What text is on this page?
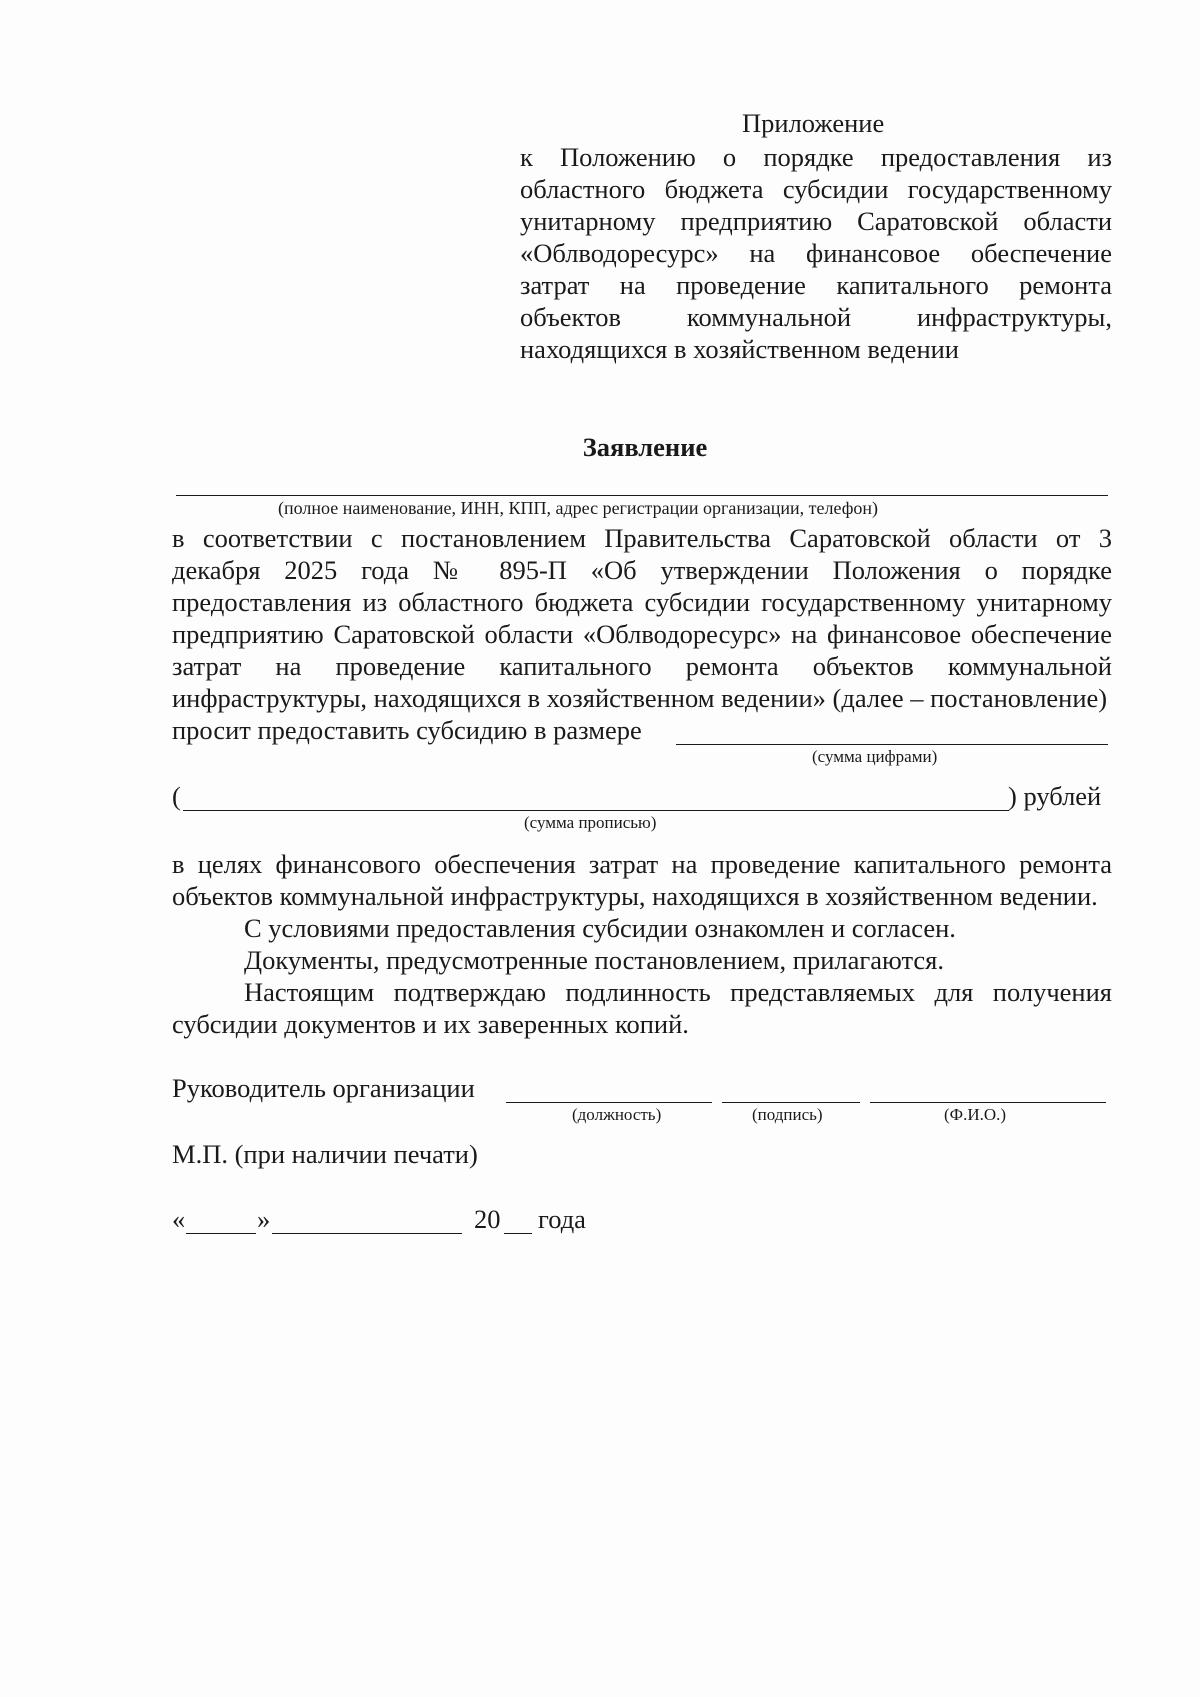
Приложение
к Положению о порядке предоставления из областного бюджета субсидии государственному унитарному предприятию Саратовской области «Облводоресурс» на финансовое обеспечение затрат на проведение капитального ремонта объектов коммунальной инфраструктуры, находящихся в хозяйственном ведении
Заявление
(полное наименование, ИНН, КПП, адрес регистрации организации, телефон)
в соответствии с постановлением Правительства Саратовской области от 3 декабря 2025 года № 895-П «Об утверждении Положения о порядке предоставления из областного бюджета субсидии государственному унитарному предприятию Саратовской области «Облводоресурс» на финансовое обеспечение затрат на проведение капитального ремонта объектов коммунальной инфраструктуры, находящихся в хозяйственном ведении» (далее – постановление)
просит предоставить субсидию в размере
(сумма цифрами)
(	) рублей
(сумма прописью)
в целях финансового обеспечения затрат на проведение капитального ремонта объектов коммунальной инфраструктуры, находящихся в хозяйственном ведении.
С условиями предоставления субсидии ознакомлен и согласен.
Документы, предусмотренные постановлением, прилагаются.
Настоящим подтверждаю подлинность представляемых для получения субсидии документов и их заверенных копий.
Руководитель организации
(должность)	(подпись)	(Ф.И.О.)
М.П. (при наличии печати)
«	»	20 года
